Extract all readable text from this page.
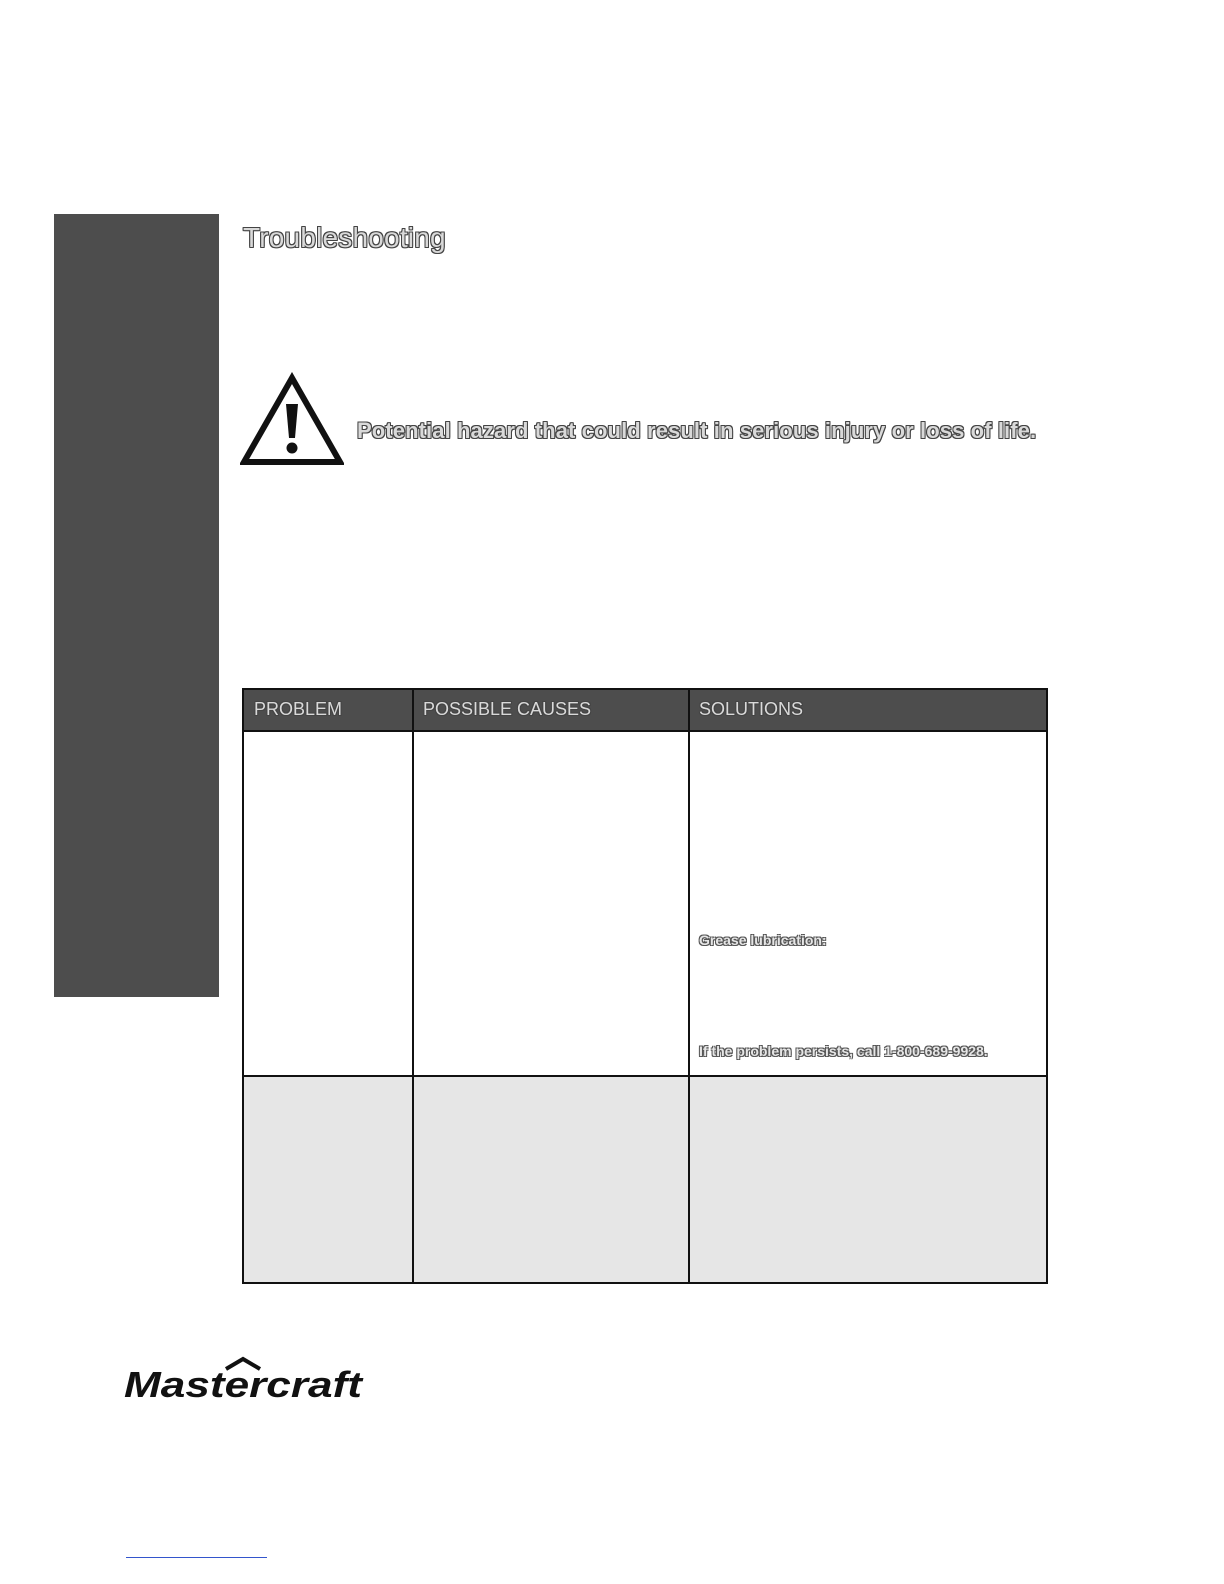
Troubleshooting
Potential hazard that could result in serious injury or loss of life.
PROBLEM	POSSIBLE CAUSES	SOLUTIONS
Grease lubrication:
If the problem persists, call 1-800-689-9928.
Mastercraft
